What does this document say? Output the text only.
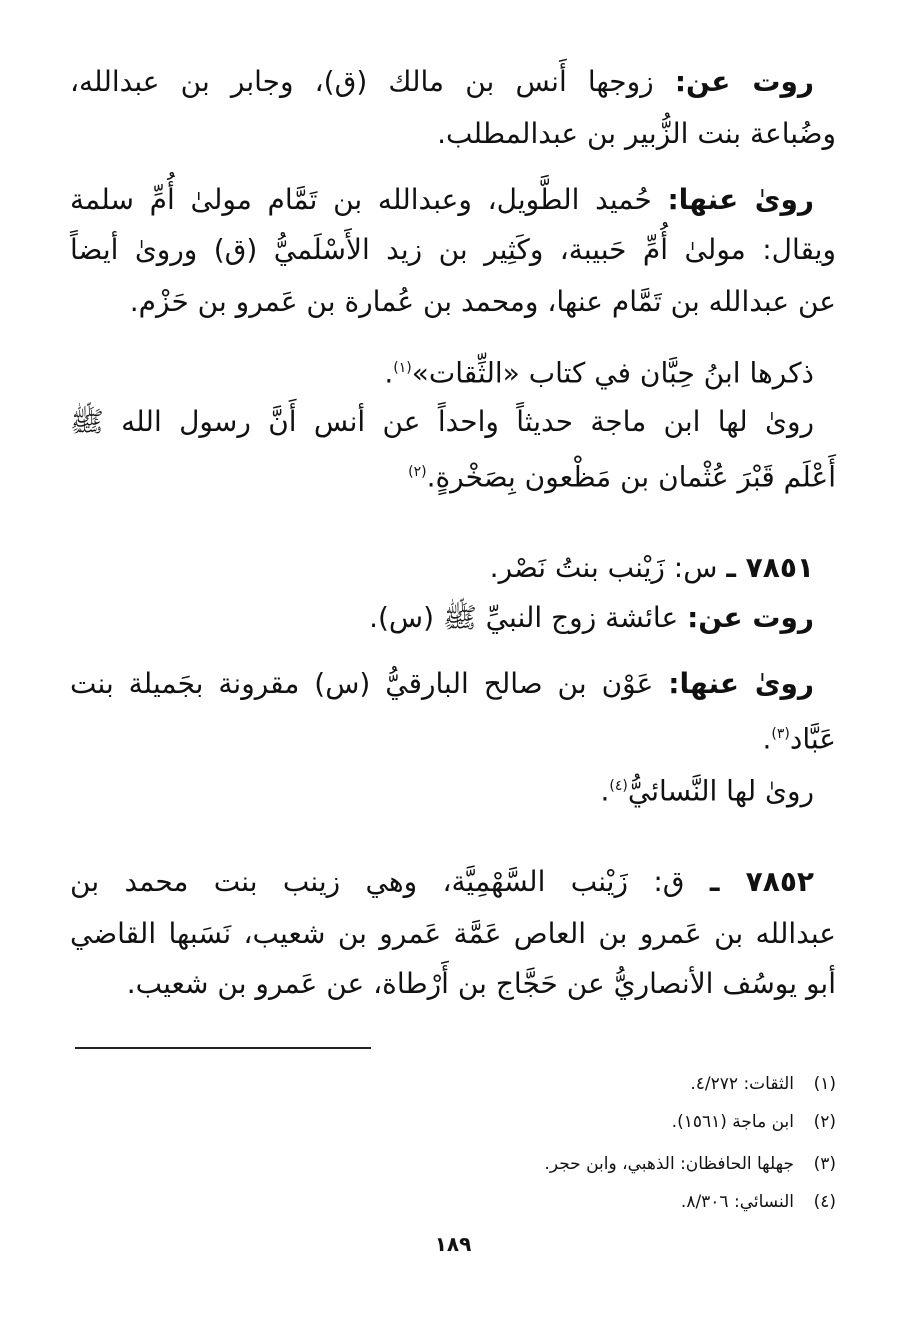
روت عن: زوجها أَنس بن مالك (ق)، وجابر بن عبدالله،
وضُباعة بنت الزُّبير بن عبدالمطلب.
روىٰ عنها: حُميد الطَّويل، وعبدالله بن تَمَّام مولىٰ أُمِّ سلمة
ويقال: مولىٰ أُمِّ حَبيبة، وكَثِير بن زيد الأَسْلَميُّ (ق) وروىٰ أيضاً
عن عبدالله بن تَمَّام عنها، ومحمد بن عُمارة بن عَمرو بن حَزْم.
ذكرها ابنُ حِبَّان في كتاب «الثِّقات»$^{(١)}$.
روىٰ لها ابن ماجة حديثاً واحداً عن أنس أَنَّ رسول الله ﷺ
أَعْلَم قَبْرَ عُثْمان بن مَظْعون بِصَخْرةٍ.$^{(٢)}$
٧٨٥١ ـ س: زَيْنب بنتُ نَصْر.
روت عن: عائشة زوج النبيِّ ﷺ (س).
روىٰ عنها: عَوْن بن صالح البارقيُّ (س) مقرونة بجَميلة بنت
عَبَّاد$^{(٣)}$.
روىٰ لها النَّسائيُّ$^{(٤)}$.
٧٨٥٢ ـ ق: زَيْنب السَّهْمِيَّة، وهي زينب بنت محمد بن
عبدالله بن عَمرو بن العاص عَمَّة عَمرو بن شعيب، نَسَبها القاضي
أبو يوسُف الأنصاريُّ عن حَجَّاج بن أَرْطاة، عن عَمرو بن شعيب.
(١)الثقات: ٤/٢٧٢.
(٢)ابن ماجة (١٥٦١).
(٣)جهلها الحافظان: الذهبي، وابن حجر.
(٤)النسائي: ٨/٣٠٦.
١٨٩
